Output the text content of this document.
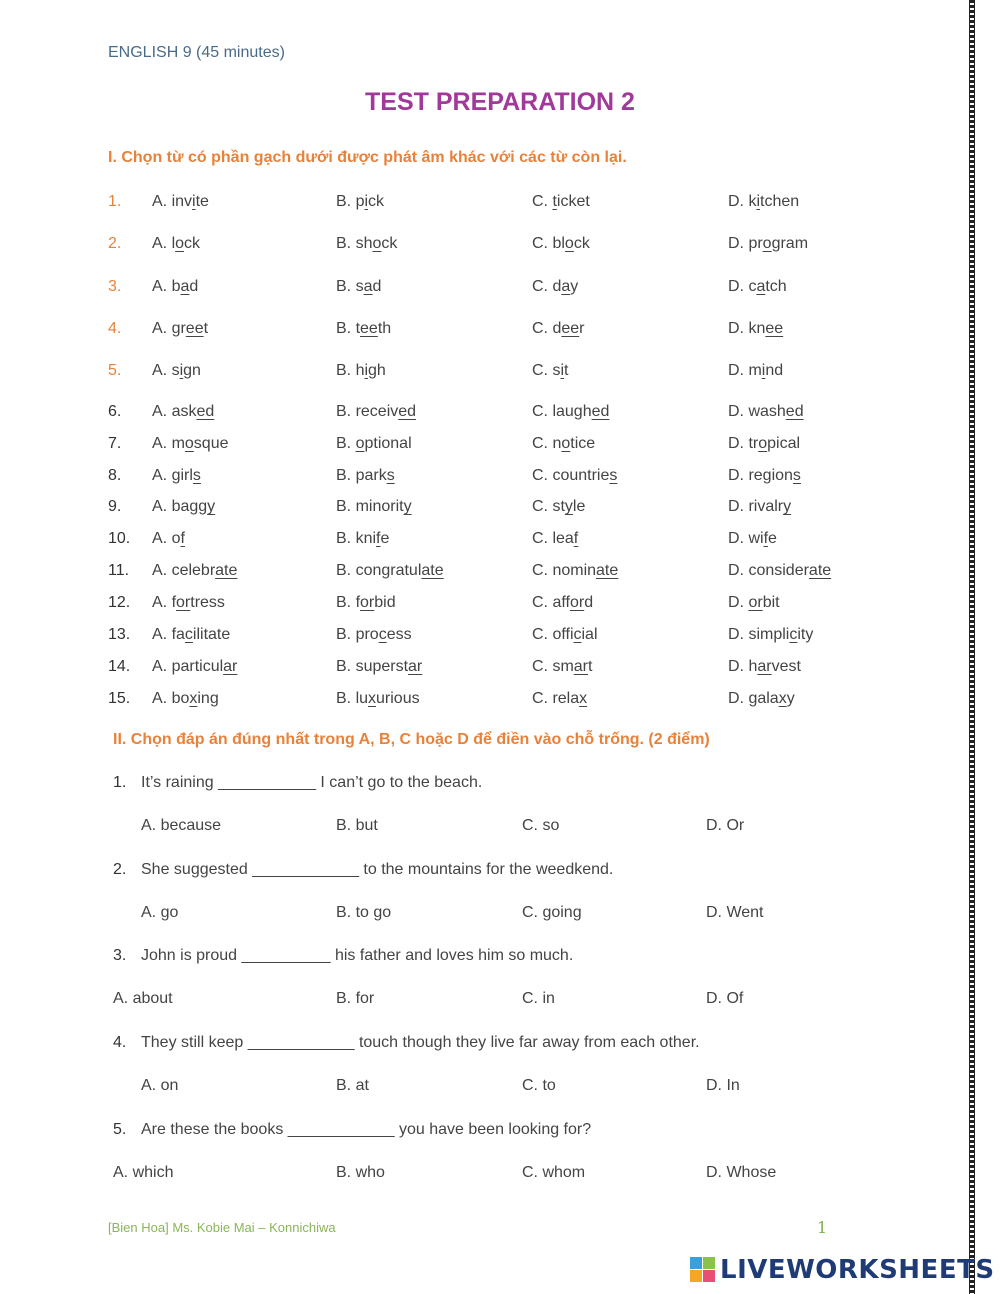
ENGLISH 9 (45 minutes)
TEST PREPARATION 2
I. Chọn từ có phần gạch dưới được phát âm khác với các từ còn lại.
1. A. invite	B. pick	C. ticket	D. kitchen
2. A. lock	B. shock	C. block	D. program
3. A. bad	B. sad	C. day	D. catch
4. A. greet	B. teeth	C. deer	D. knee
5. A. sign	B. high	C. sit	D. mind
6. A. asked	B. received	C. laughed	D. washed
7. A. mosque	B. optional	C. notice	D. tropical
8. A. girls	B. parks	C. countries	D. regions
9. A. baggy	B. minority	C. style	D. rivalry
10. A. of	B. knife	C. leaf	D. wife
11. A. celebrate	B. congratulate	C. nominate	D. considerate
12. A. fortress	B. forbid	C. afford	D. orbit
13. A. facilitate	B. process	C. official	D. simplicity
14. A. particular	B. superstar	C. smart	D. harvest
15. A. boxing	B. luxurious	C. relax	D. galaxy
II. Chọn đáp án đúng nhất trong A, B, C hoặc D để điền vào chỗ trống. (2 điểm)
1. It’s raining ___________ I can’t go to the beach.
A. because	B. but	C. so	D. Or
2. She suggested ____________ to the mountains for the weedkend.
A. go	B. to go	C. going	D. Went
3. John is proud __________ his father and loves him so much.
A. about	B. for	C. in	D. Of
4. They still keep ____________ touch though they live far away from each other.
A. on	B. at	C. to	D. In
5. Are these the books ____________ you have been looking for?
A. which	B. who	C. whom	D. Whose
[Bien Hoa] Ms. Kobie Mai – Konnichiwa	1
LIVEWORKSHEETS
